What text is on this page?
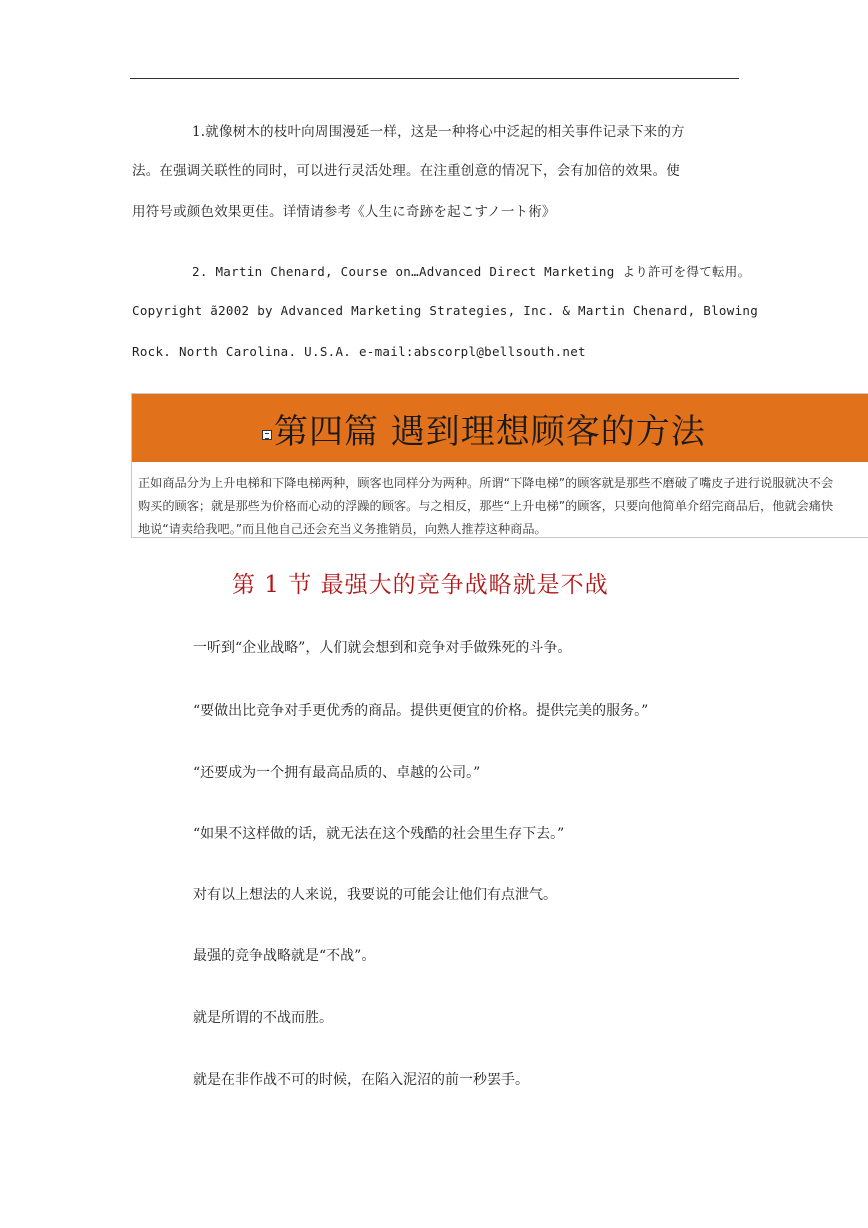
1.就像树木的枝叶向周围漫延一样，这是一种将心中泛起的相关事件记录下来的方
法。在强调关联性的同时，可以进行灵活处理。在注重创意的情况下，会有加倍的效果。使
用符号或颜色效果更佳。详情请参考《人生に奇跡を起こすノ一ト術》
2. Martin Chenard, Course on…Advanced Direct Marketing より許可を得て転用。
Copyright ã2002 by Advanced Marketing Strategies, Inc. & Martin Chenard, Blowing
Rock. North Carolina. U.S.A. e-mail:abscorpl@bellsouth.net
第四篇 遇到理想顾客的方法
正如商品分为上升电梯和下降电梯两种，顾客也同样分为两种。所谓“下降电梯”的顾客就是那些不磨破了嘴皮子进行说服就决不会
购买的顾客；就是那些为价格而心动的浮躁的顾客。与之相反，那些“上升电梯”的顾客，只要向他简单介绍完商品后，他就会痛快
地说“请卖给我吧。”而且他自己还会充当义务推销员，向熟人推荐这种商品。
第 1 节 最强大的竞争战略就是不战
一听到“企业战略”，人们就会想到和竞争对手做殊死的斗争。
“要做出比竞争对手更优秀的商品。提供更便宜的价格。提供完美的服务。”
“还要成为一个拥有最高品质的、卓越的公司。”
“如果不这样做的话，就无法在这个残酷的社会里生存下去。”
对有以上想法的人来说，我要说的可能会让他们有点泄气。
最强的竞争战略就是“不战”。
就是所谓的不战而胜。
就是在非作战不可的时候，在陷入泥沼的前一秒罢手。
